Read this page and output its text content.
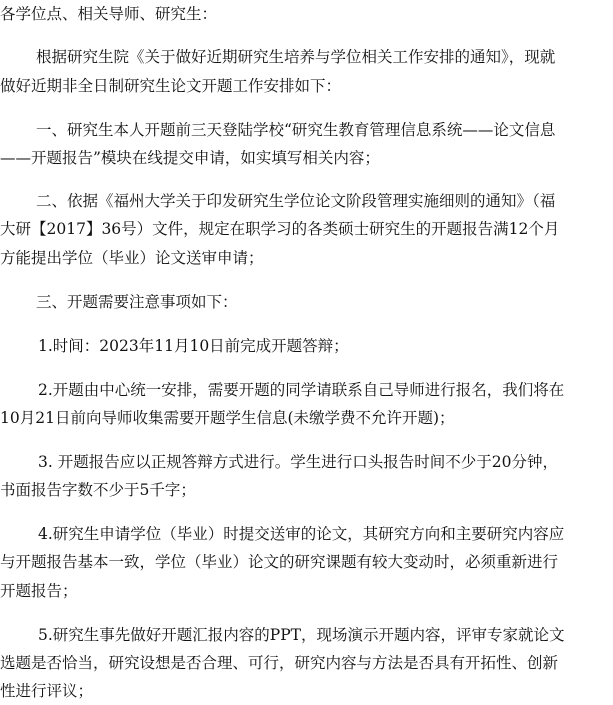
各学位点、相关导师、研究生：
根据研究生院《关于做好近期研究生培养与学位相关工作安排的通知》，现就
做好近期非全日制研究生论文开题工作安排如下：
一、研究生本人开题前三天登陆学校“研究生教育管理信息系统——论文信息
——开题报告”模块在线提交申请，如实填写相关内容；
二、依据《福州大学关于印发研究生学位论文阶段管理实施细则的通知》（福
大研【2017】36号）文件，规定在职学习的各类硕士研究生的开题报告满12个月
方能提出学位（毕业）论文送审申请；
三、开题需要注意事项如下：
1.时间：2023年11月10日前完成开题答辩；
2.开题由中心统一安排，需要开题的同学请联系自己导师进行报名，我们将在
10月21日前向导师收集需要开题学生信息(未缴学费不允许开题)；
3. 开题报告应以正规答辩方式进行。学生进行口头报告时间不少于20分钟，
书面报告字数不少于5千字；
4.研究生申请学位（毕业）时提交送审的论文，其研究方向和主要研究内容应
与开题报告基本一致，学位（毕业）论文的研究课题有较大变动时，必须重新进行
开题报告；
5.研究生事先做好开题汇报内容的PPT，现场演示开题内容，评审专家就论文
选题是否恰当，研究设想是否合理、可行，研究内容与方法是否具有开拓性、创新
性进行评议；
